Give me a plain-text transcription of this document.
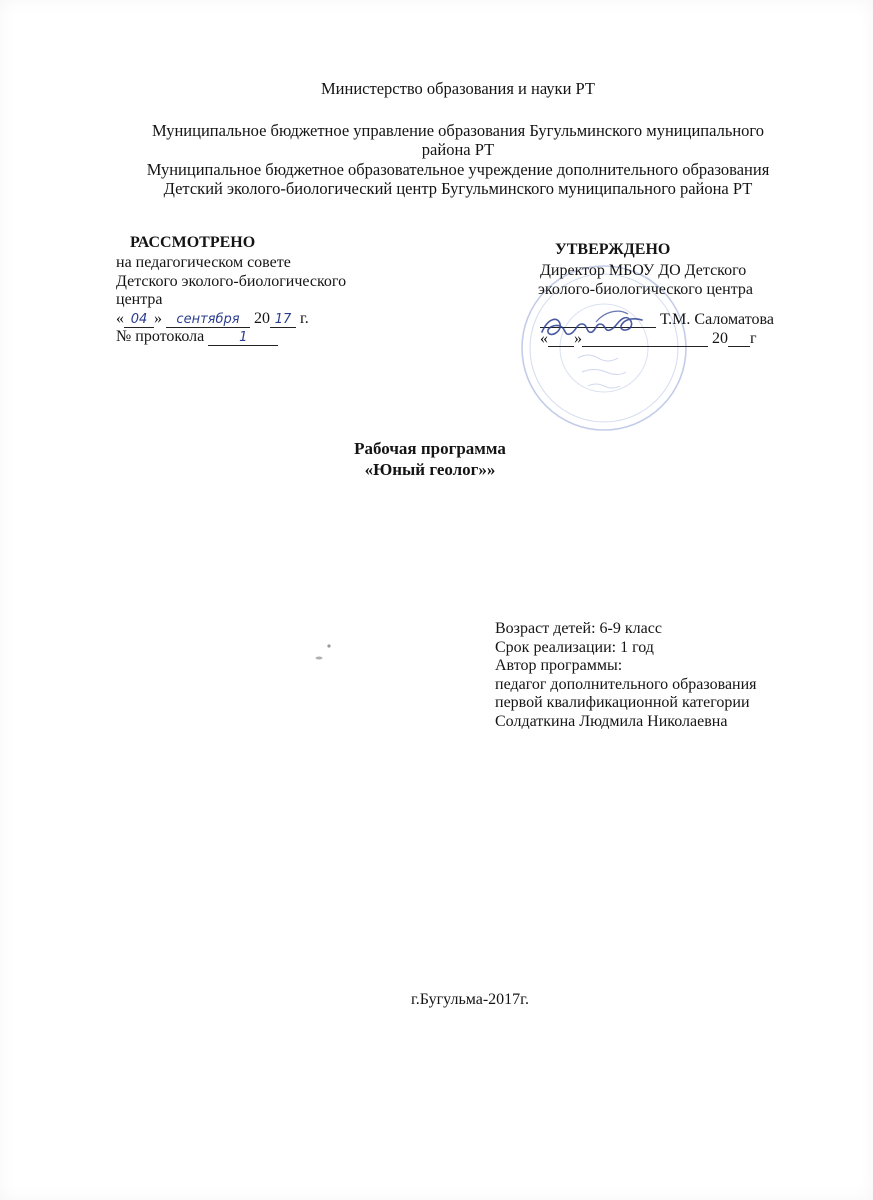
Министерство образования и науки РТ
Муниципальное бюджетное управление образования Бугульминского муниципального
района РТ
Муниципальное бюджетное образовательное учреждение дополнительного образования
Детский эколого-биологический центр Бугульминского муниципального района РТ
РАССМОТРЕНО
на педагогическом совете
Детского эколого-биологического
центра
« 04 » сентября 20 17 г.
№ протокола	1
УТВЕРЖДЕНО
Директор МБОУ ДО Детского
эколого-биологического центра
Т.М. Саломатова
« »	20 г
Рабочая программа
«Юный геолог»»
Возраст детей: 6-9 класс
Срок реализации: 1 год
Автор программы:
педагог дополнительного образования
первой квалификационной категории
Солдаткина Людмила Николаевна
г.Бугульма-2017г.
